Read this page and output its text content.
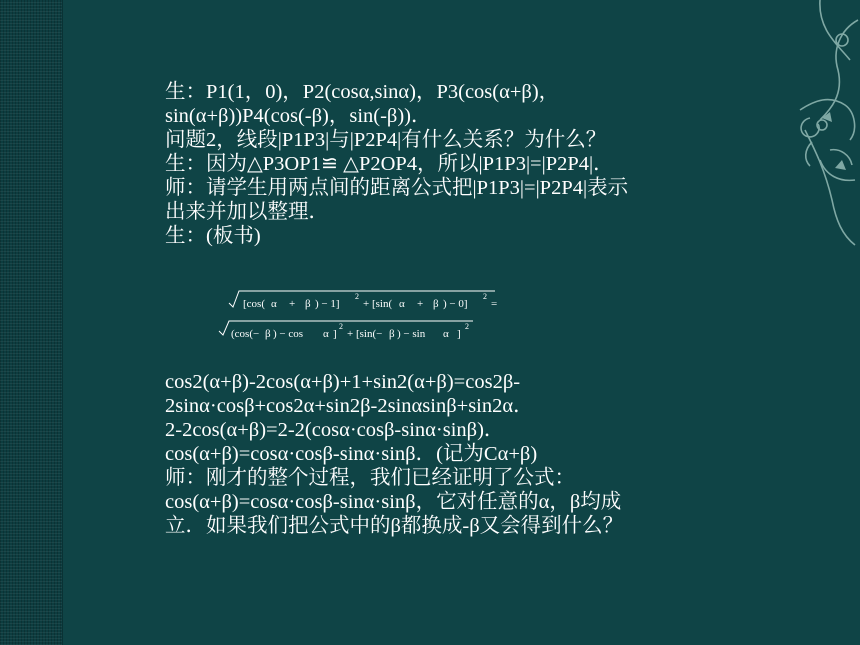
生：P1(1，0)，P2(cosα,sinα)，P3(cos(α+β)，
sin(α+β))P4(cos(-β)，sin(-β))．
问题2，线段|P1P3|与|P2P4|有什么关系？为什么？
生：因为△P3OP1≌ △P2OP4，所以|P1P3|=|P2P4|．
师：请学生用两点间的距离公式把|P1P3|=|P2P4|表示
出来并加以整理．
生：(板书)
[cos( α + β ) − 1]
2
+ [sin( α + β ) − 0]
2
=
(cos(− β ) − cos α ]
2
+ [sin(− β ) − sin α ]
2
cos2(α+β)-2cos(α+β)+1+sin2(α+β)=cos2β-
2sinα·cosβ+cos2α+sin2β-2sinαsinβ+sin2α．
2-2cos(α+β)=2-2(cosα·cosβ-sinα·sinβ)．
cos(α+β)=cosα·cosβ-sinα·sinβ．(记为Cα+β)
师：刚才的整个过程，我们已经证明了公式：
cos(α+β)=cosα·cosβ-sinα·sinβ，它对任意的α，β均成
立．如果我们把公式中的β都换成-β又会得到什么？
